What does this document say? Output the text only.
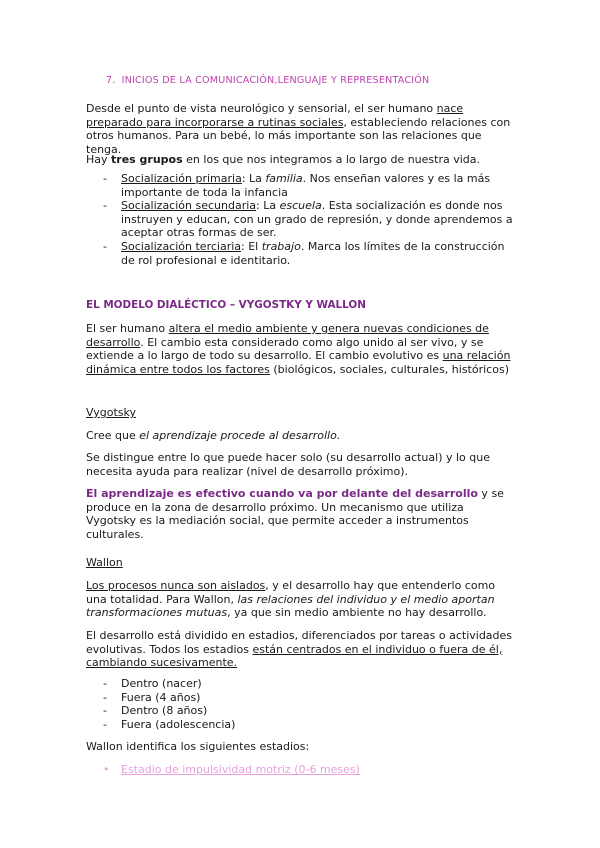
7. INICIOS DE LA COMUNICACIÓN,LENGUAJE Y REPRESENTACIÓN
Desde el punto de vista neurológico y sensorial, el ser humano nace preparado para incorporarse a rutinas sociales, estableciendo relaciones con otros humanos. Para un bebé, lo más importante son las relaciones que tenga.
Hay tres grupos en los que nos integramos a lo largo de nuestra vida.
- Socialización primaria: La familia. Nos enseñan valores y es la más importante de toda la infancia
- Socialización secundaria: La escuela. Esta socialización es donde nos instruyen y educan, con un grado de represión, y donde aprendemos a aceptar otras formas de ser.
- Socialización terciaria: El trabajo. Marca los límites de la construcción de rol profesional e identitario.
EL MODELO DIALÉCTICO – VYGOSTKY Y WALLON
El ser humano altera el medio ambiente y genera nuevas condiciones de desarrollo. El cambio esta considerado como algo unido al ser vivo, y se extiende a lo largo de todo su desarrollo. El cambio evolutivo es una relación dinámica entre todos los factores (biológicos, sociales, culturales, históricos)
Vygotsky
Cree que el aprendizaje procede al desarrollo.
Se distingue entre lo que puede hacer solo (su desarrollo actual) y lo que necesita ayuda para realizar (nivel de desarrollo próximo).
El aprendizaje es efectivo cuando va por delante del desarrollo y se produce en la zona de desarrollo próximo. Un mecanismo que utiliza Vygotsky es la mediación social, que permite acceder a instrumentos culturales.
Wallon
Los procesos nunca son aislados, y el desarrollo hay que entenderlo como una totalidad. Para Wallon, las relaciones del individuo y el medio aportan transformaciones mutuas, ya que sin medio ambiente no hay desarrollo.
El desarrollo está dividido en estadios, diferenciados por tareas o actividades evolutivas. Todos los estadios están centrados en el individuo o fuera de él, cambiando sucesivamente.
- Dentro (nacer)
- Fuera (4 años)
- Dentro (8 años)
- Fuera (adolescencia)
Wallon identifica los siguientes estadios:
• Estadio de impulsividad motriz (0-6 meses)
